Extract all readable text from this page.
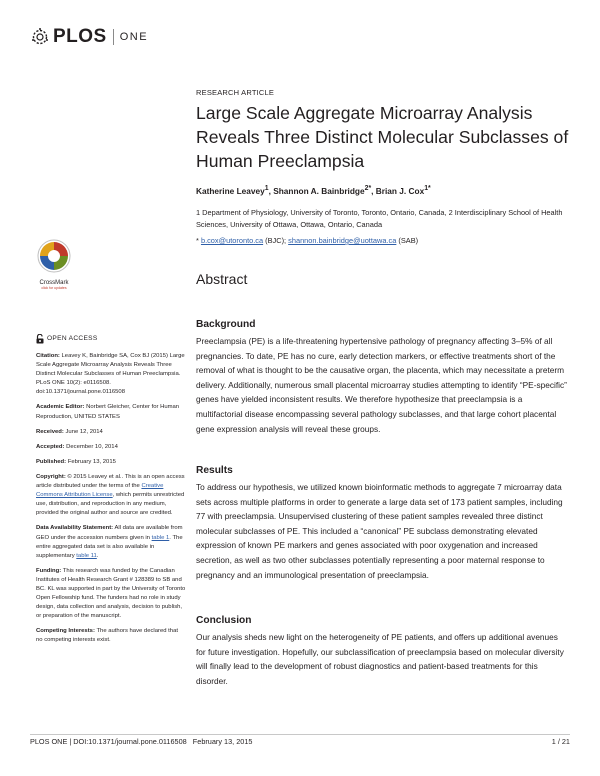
PLOS ONE
RESEARCH ARTICLE
Large Scale Aggregate Microarray Analysis Reveals Three Distinct Molecular Subclasses of Human Preeclampsia
Katherine Leavey$^1$, Shannon A. Bainbridge$^{2*}$, Brian J. Cox$^{1*}$
1 Department of Physiology, University of Toronto, Toronto, Ontario, Canada, 2 Interdisciplinary School of Health Sciences, University of Ottawa, Ottawa, Ontario, Canada
* b.cox@utoronto.ca (BJC); shannon.bainbridge@uottawa.ca (SAB)
CrossMark
click for updates
Abstract
Background
Preeclampsia (PE) is a life-threatening hypertensive pathology of pregnancy affecting 3–5% of all pregnancies. To date, PE has no cure, early detection markers, or effective treatments short of the removal of what is thought to be the causative organ, the placenta, which may necessitate a preterm delivery. Additionally, numerous small placental microarray studies attempting to identify “PE-specific” genes have yielded inconsistent results. We therefore hypothesize that preeclampsia is a multifactorial disease encompassing several pathology subclasses, and that large cohort placental gene expression analysis will reveal these groups.
Results
To address our hypothesis, we utilized known bioinformatic methods to aggregate 7 microarray data sets across multiple platforms in order to generate a large data set of 173 patient samples, including 77 with preeclampsia. Unsupervised clustering of these patient samples revealed three distinct molecular subclasses of PE. This included a “canonical” PE subclass demonstrating elevated expression of known PE markers and genes associated with poor oxygenation and increased secretion, as well as two other subclasses potentially representing a poor maternal response to pregnancy and an immunological presentation of preeclampsia.
Conclusion
Our analysis sheds new light on the heterogeneity of PE patients, and offers up additional avenues for future investigation. Hopefully, our subclassification of preeclampsia based on molecular diversity will finally lead to the development of robust diagnostics and patient-based treatments for this disorder.
OPEN ACCESS
Citation: Leavey K, Bainbridge SA, Cox BJ (2015) Large Scale Aggregate Microarray Analysis Reveals Three Distinct Molecular Subclasses of Human Preeclampsia. PLoS ONE 10(2): e0116508. doi:10.1371/journal.pone.0116508
Academic Editor: Norbert Gleicher, Center for Human Reproduction, UNITED STATES
Received: June 12, 2014
Accepted: December 10, 2014
Published: February 13, 2015
Copyright: © 2015 Leavey et al.. This is an open access article distributed under the terms of the Creative Commons Attribution License, which permits unrestricted use, distribution, and reproduction in any medium, provided the original author and source are credited.
Data Availability Statement: All data are available from GEO under the accession numbers given in table 1. The entire aggregated data set is also available in supplementary table 11.
Funding: This research was funded by the Canadian Institutes of Health Research Grant # 128389 to SB and BC. KL was supported in part by the University of Toronto Open Fellowship fund. The funders had no role in study design, data collection and analysis, decision to publish, or preparation of the manuscript.
Competing Interests: The authors have declared that no competing interests exist.
PLOS ONE | DOI:10.1371/journal.pone.0116508   February 13, 2015	1 / 21
